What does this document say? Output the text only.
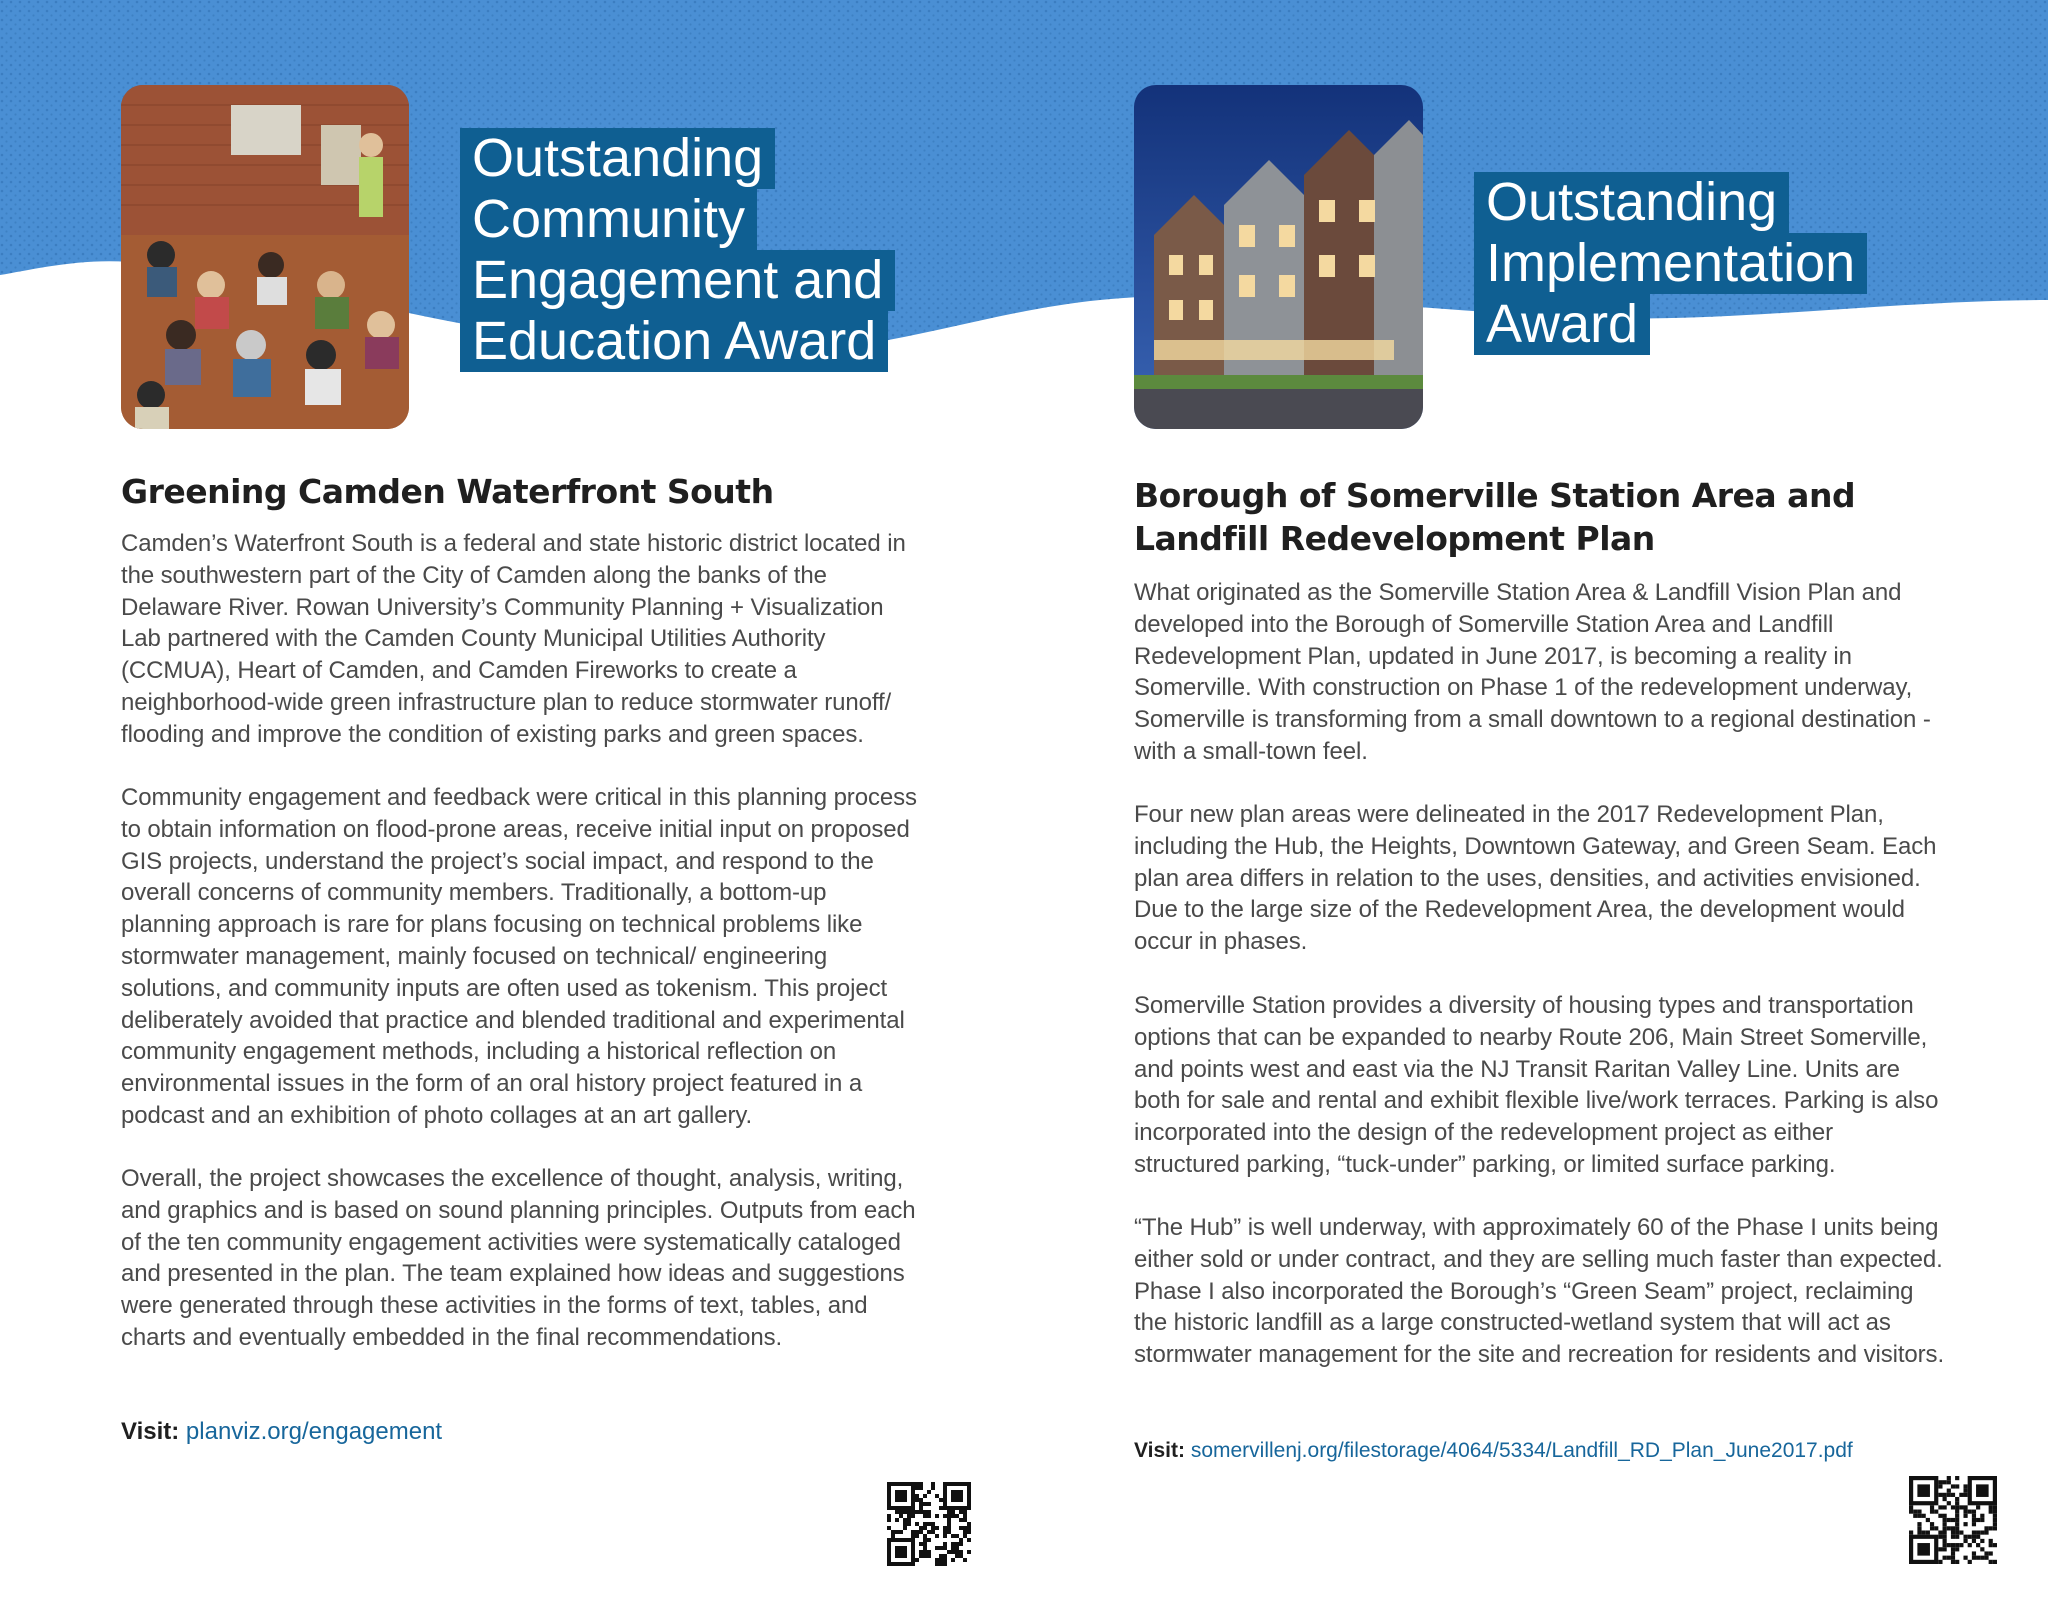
Outstanding
Community
Engagement and
Education Award
Greening Camden Waterfront South

Camden’s Waterfront South is a federal and state historic district located in the southwestern part of the City of Camden along the banks of the Delaware River. Rowan University’s Community Planning + Visualization Lab partnered with the Camden County Municipal Utilities Authority (CCMUA), Heart of Camden, and Camden Fireworks to create a neighborhood-wide green infrastructure plan to reduce stormwater runoff/ flooding and improve the condition of existing parks and green spaces.

Community engagement and feedback were critical in this planning process to obtain information on flood-prone areas, receive initial input on proposed GIS projects, understand the project’s social impact, and respond to the overall concerns of community members. Traditionally, a bottom-up planning approach is rare for plans focusing on technical problems like stormwater management, mainly focused on technical/ engineering solutions, and community inputs are often used as tokenism. This project deliberately avoided that practice and blended traditional and experimental community engagement methods, including a historical reflection on environmental issues in the form of an oral history project featured in a podcast and an exhibition of photo collages at an art gallery.

Overall, the project showcases the excellence of thought, analysis, writing, and graphics and is based on sound planning principles. Outputs from each of the ten community engagement activities were systematically cataloged and presented in the plan. The team explained how ideas and suggestions were generated through these activities in the forms of text, tables, and charts and eventually embedded in the final recommendations.

Visit: planviz.org/engagement
Outstanding
Implementation
Award
Borough of Somerville Station Area and
Landfill Redevelopment Plan

What originated as the Somerville Station Area & Landfill Vision Plan and developed into the Borough of Somerville Station Area and Landfill Redevelopment Plan, updated in June 2017, is becoming a reality in Somerville. With construction on Phase 1 of the redevelopment underway, Somerville is transforming from a small downtown to a regional destination - with a small-town feel.

Four new plan areas were delineated in the 2017 Redevelopment Plan, including the Hub, the Heights, Downtown Gateway, and Green Seam. Each plan area differs in relation to the uses, densities, and activities envisioned. Due to the large size of the Redevelopment Area, the development would occur in phases.

Somerville Station provides a diversity of housing types and transportation options that can be expanded to nearby Route 206, Main Street Somerville, and points west and east via the NJ Transit Raritan Valley Line. Units are both for sale and rental and exhibit flexible live/work terraces. Parking is also incorporated into the design of the redevelopment project as either structured parking, “tuck-under” parking, or limited surface parking.

“The Hub” is well underway, with approximately 60 of the Phase I units being either sold or under contract, and they are selling much faster than expected. Phase I also incorporated the Borough’s “Green Seam” project, reclaiming the historic landfill as a large constructed-wetland system that will act as stormwater management for the site and recreation for residents and visitors.

Visit: somervillenj.org/filestorage/4064/5334/Landfill_RD_Plan_June2017.pdf
